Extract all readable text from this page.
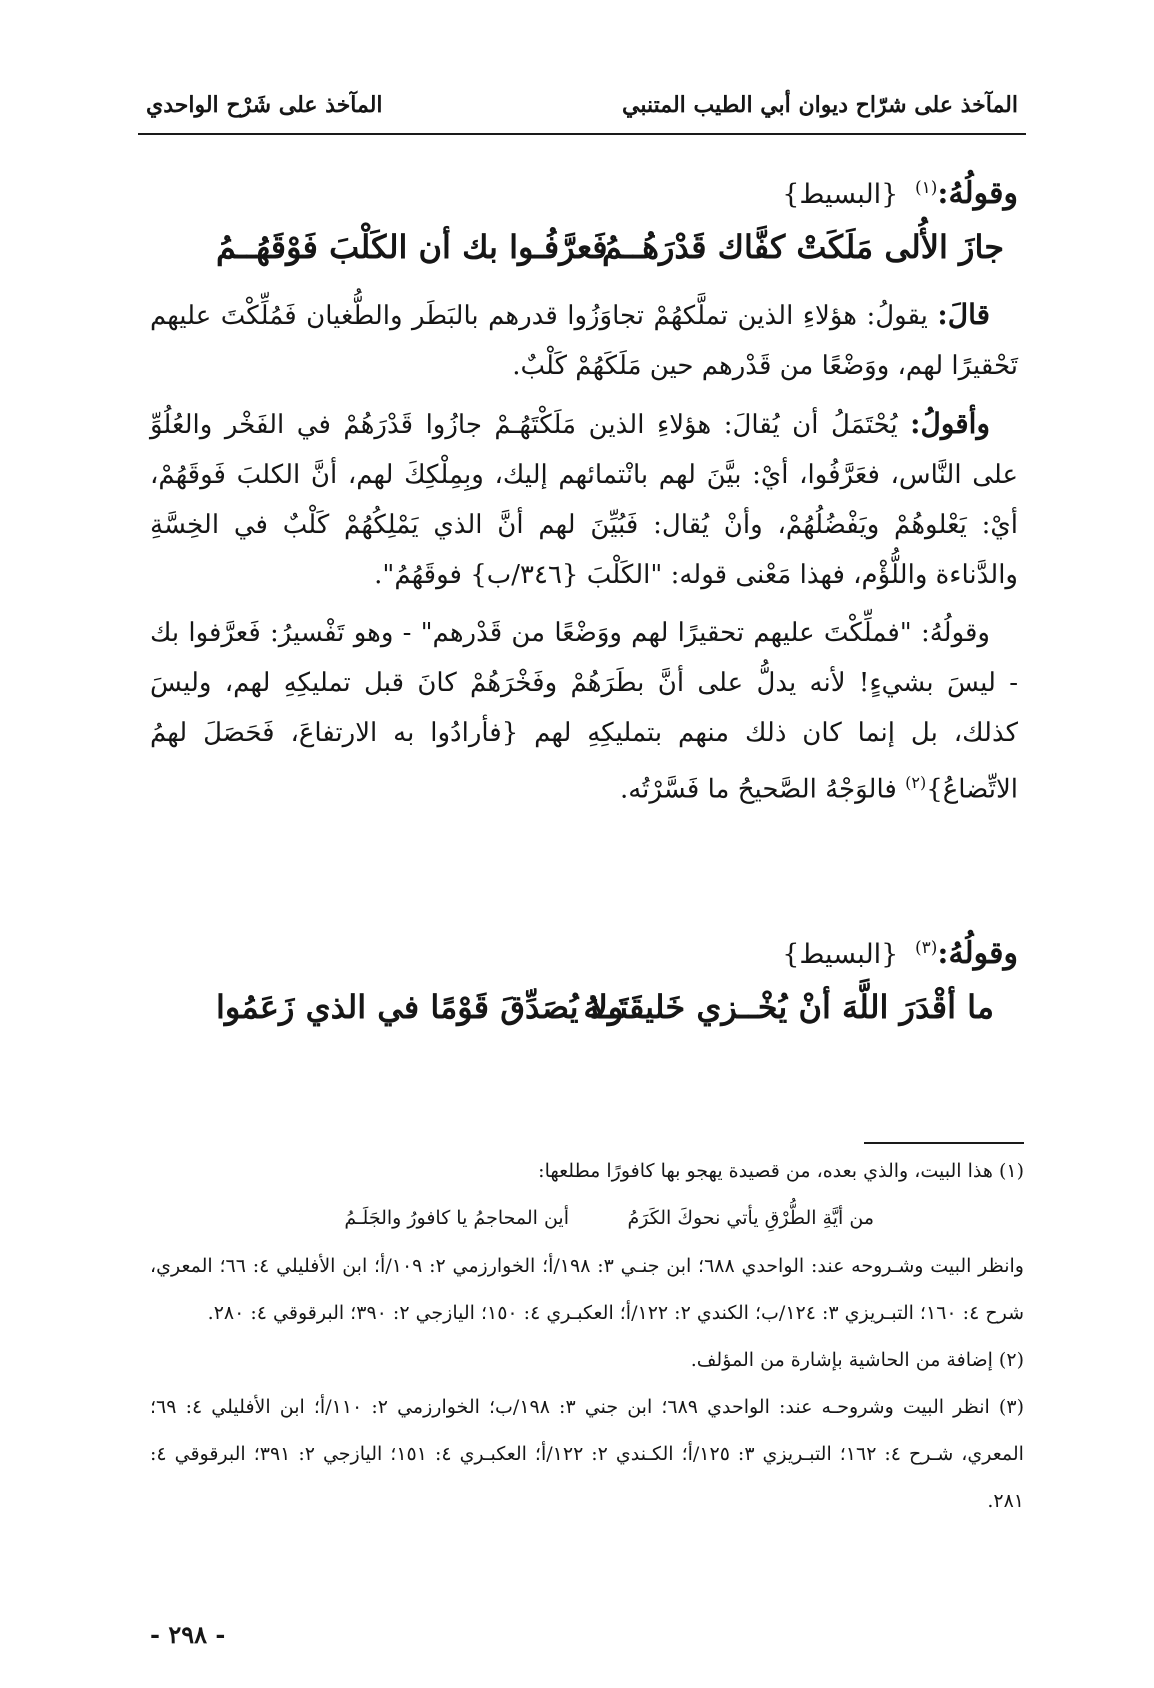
المآخذ على شرّاح ديوان أبي الطيب المتنبي
المآخذ على شَرْح الواحدي
وقولُهُ:$^{(١)}$ {البسيط}
جازَ الأُلى مَلَكَتْ كفَّاك قَدْرَهُــمُ
فَعرَّفُـوا بك أن الكَلْبَ فَوْقَهُــمُ

قالَ: يقولُ: هؤلاءِ الذين تملَّكهُمْ تجاوَزُوا قدرهم بالبَطَر والطُّغيان فَمُلِّكْتَ عليهم تَحْقيرًا لهم، ووَضْعًا من قَدْرهم حين مَلَكَهُمْ كَلْبٌ.

وأقولُ: يُحْتَمَلُ أن يُقالَ: هؤلاءِ الذين مَلَكْتَهُـمْ جازُوا قَدْرَهُمْ في الفَخْر والعُلُوِّ على النَّاس، فعَرَّفُوا، أيْ: بيَّنَ لهم بانْتمائهم إليك، وبِمِلْكِكَ لهم، أنَّ الكلبَ فَوقَهُمْ، أيْ: يَعْلوهُمْ ويَفْضُلُهُمْ، وأنْ يُقال: فَبُيِّنَ لهم أنَّ الذي يَمْلِكُهُمْ كَلْبٌ في الخِسَّةِ والدَّناءة واللُّؤْم، فهذا مَعْنى قوله: "الكَلْبَ {٣٤٦/ب} فوقَهُمُ".

وقولُهُ: "فملِّكْتَ عليهم تحقيرًا لهم ووَضْعًا من قَدْرهم" - وهو تَفْسيرُ: فَعرَّفوا بك - ليسَ بشيءٍ! لأنه يدلُّ على أنَّ بطَرَهُمْ وفَخْرَهُمْ كانَ قبل تمليكِهِ لهم، وليسَ كذلك، بل إنما كان ذلك منهم بتمليكِهِ لهم {فأرادُوا به الارتفاعَ، فَحَصَلَ لهمُ الاتِّضاعُ}$^{(٢)}$ فالوَجْهُ الصَّحيحُ ما فَسَّرْتُه.

وقولُهُ:$^{(٣)}$ {البسيط}
ما أقْدَرَ اللَّهَ أنْ يُخْــزي خَليقَتَــهُ
ولا يُصَدِّقَ قَوْمًا في الذي زَعَمُوا

(١) هذا البيت، والذي بعده، من قصيدة يهجو بها كافورًا مطلعها:

من أيَّةِ الطُّرْقِ يأتي نحوكَ الكَرَمُ
أين المحاجمُ يا كافورُ والجَلَـمُ

وانظر البيت وشـروحه عند: الواحدي ٦٨٨؛ ابن جنـي ٣: ١٩٨/أ؛ الخوارزمي ٢: ١٠٩/أ؛ ابن الأفليلي ٤: ٦٦؛ المعري، شرح ٤: ١٦٠؛ التبـريزي ٣: ١٢٤/ب؛ الكندي ٢: ١٢٢/أ؛ العكبـري ٤: ١٥٠؛ اليازجي ٢: ٣٩٠؛ البرقوقي ٤: ٢٨٠.

(٢) إضافة من الحاشية بإشارة من المؤلف.

(٣) انظر البيت وشروحـه عند: الواحدي ٦٨٩؛ ابن جني ٣: ١٩٨/ب؛ الخوارزمي ٢: ١١٠/أ؛ ابن الأفليلي ٤: ٦٩؛ المعري، شـرح ٤: ١٦٢؛ التبـريزي ٣: ١٢٥/أ؛ الكـندي ٢: ١٢٢/أ؛ العكبـري ٤: ١٥١؛ اليازجي ٢: ٣٩١؛ البرقوقي ٤: ٢٨١.

- ٢٩٨ -
